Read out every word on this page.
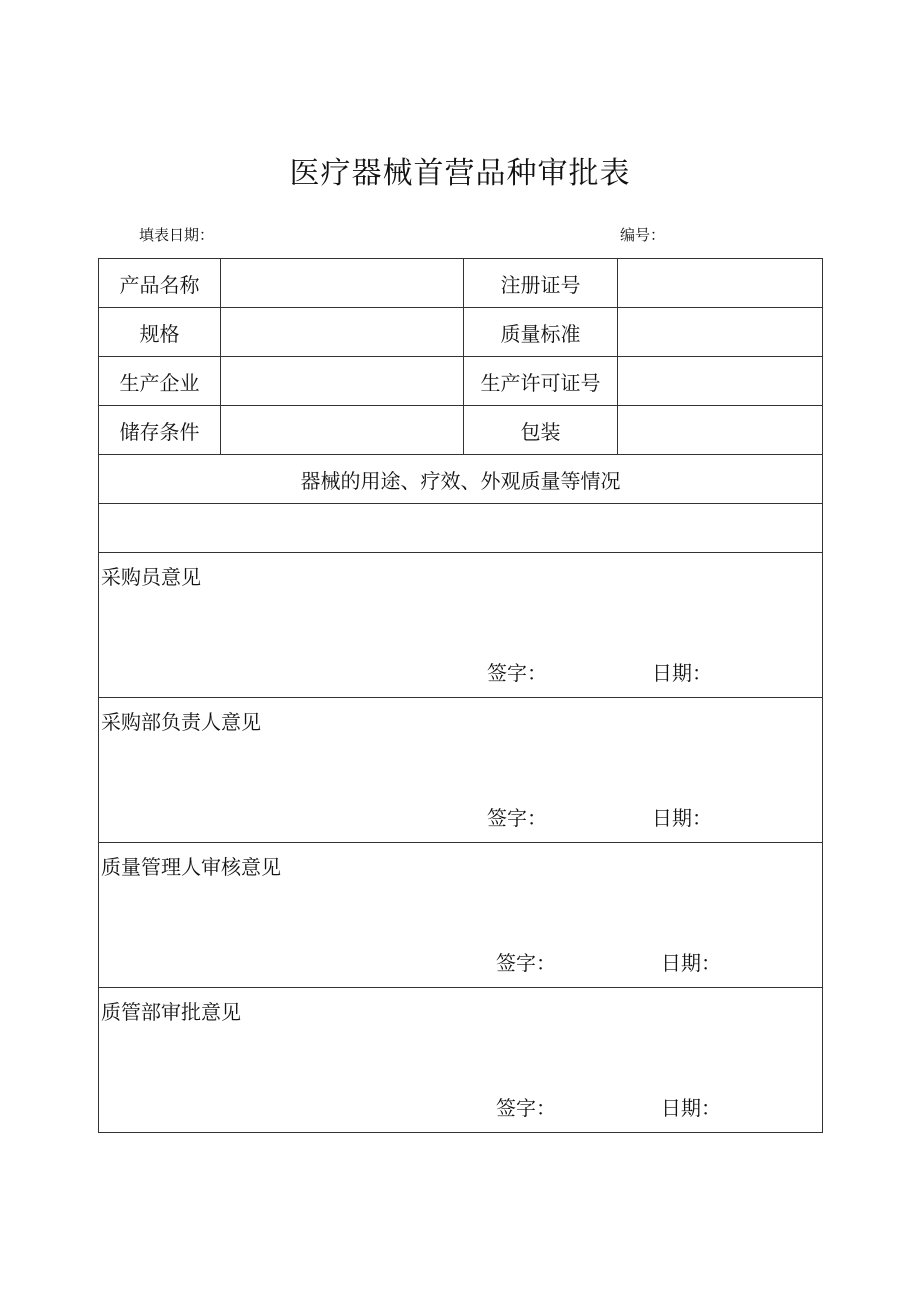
医疗器械首营品种审批表
填表日期：	编号：
产品名称		注册证号	
规格		质量标准	
生产企业		生产许可证号	
储存条件		包装	
器械的用途、疗效、外观质量等情况			

采购员意见
签字： 日期：			

采购部负责人意见
签字： 日期：			

质量管理人审核意见
签字： 日期：			

质管部审批意见
签字： 日期：			
